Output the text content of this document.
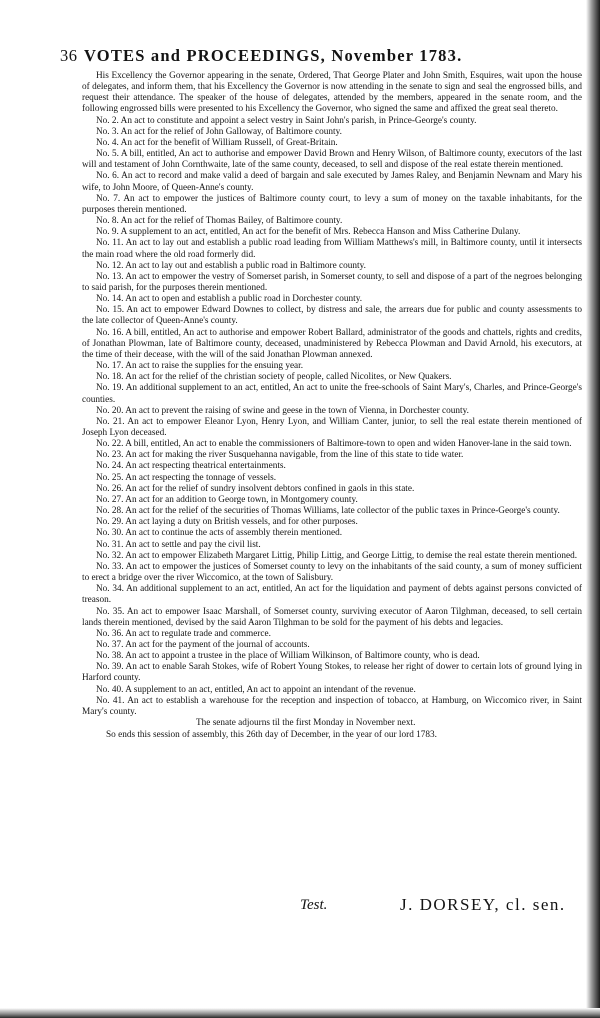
36 VOTES and PROCEEDINGS, November 1783.

His Excellency the Governor appearing in the senate, Ordered, That George Plater and John Smith, Esquires, wait upon the house of delegates, and inform them, that his Excellency the Governor is now attending in the senate to sign and seal the engrossed bills, and request their attendance. The speaker of the house of delegates, attended by the members, appeared in the senate room, and the following engrossed bills were presented to his Excellency the Governor, who signed the same and affixed the great seal thereto.

No. 2. An act to constitute and appoint a select vestry in Saint John's parish, in Prince-George's county.

No. 3. An act for the relief of John Galloway, of Baltimore county.

No. 4. An act for the benefit of William Russell, of Great-Britain.

No. 5. A bill, entitled, An act to authorise and empower David Brown and Henry Wilson, of Baltimore county, executors of the last will and testament of John Cornthwaite, late of the same county, deceased, to sell and dispose of the real estate therein mentioned.

No. 6. An act to record and make valid a deed of bargain and sale executed by James Raley, and Benjamin Newnam and Mary his wife, to John Moore, of Queen-Anne's county.

No. 7. An act to empower the justices of Baltimore county court, to levy a sum of money on the taxable inhabitants, for the purposes therein mentioned.

No. 8. An act for the relief of Thomas Bailey, of Baltimore county.

No. 9. A supplement to an act, entitled, An act for the benefit of Mrs. Rebecca Hanson and Miss Catherine Dulany.

No. 11. An act to lay out and establish a public road leading from William Matthews's mill, in Baltimore county, until it intersects the main road where the old road formerly did.

No. 12. An act to lay out and establish a public road in Baltimore county.

No. 13. An act to empower the vestry of Somerset parish, in Somerset county, to sell and dispose of a part of the negroes belonging to said parish, for the purposes therein mentioned.

No. 14. An act to open and establish a public road in Dorchester county.

No. 15. An act to empower Edward Downes to collect, by distress and sale, the arrears due for public and county assessments to the late collector of Queen-Anne's county.

No. 16. A bill, entitled, An act to authorise and empower Robert Ballard, administrator of the goods and chattels, rights and credits, of Jonathan Plowman, late of Baltimore county, deceased, unadministered by Rebecca Plowman and David Arnold, his executors, at the time of their decease, with the will of the said Jonathan Plowman annexed.

No. 17. An act to raise the supplies for the ensuing year.

No. 18. An act for the relief of the christian society of people, called Nicolites, or New Quakers.

No. 19. An additional supplement to an act, entitled, An act to unite the free-schools of Saint Mary's, Charles, and Prince-George's counties.

No. 20. An act to prevent the raising of swine and geese in the town of Vienna, in Dorchester county.

No. 21. An act to empower Eleanor Lyon, Henry Lyon, and William Canter, junior, to sell the real estate therein mentioned of Joseph Lyon deceased.

No. 22. A bill, entitled, An act to enable the commissioners of Baltimore-town to open and widen Hanover-lane in the said town.

No. 23. An act for making the river Susquehanna navigable, from the line of this state to tide water.

No. 24. An act respecting theatrical entertainments.

No. 25. An act respecting the tonnage of vessels.

No. 26. An act for the relief of sundry insolvent debtors confined in gaols in this state.

No. 27. An act for an addition to George town, in Montgomery county.

No. 28. An act for the relief of the securities of Thomas Williams, late collector of the public taxes in Prince-George's county.

No. 29. An act laying a duty on British vessels, and for other purposes.

No. 30. An act to continue the acts of assembly therein mentioned.

No. 31. An act to settle and pay the civil list.

No. 32. An act to empower Elizabeth Margaret Littig, Philip Littig, and George Littig, to demise the real estate therein mentioned.

No. 33. An act to empower the justices of Somerset county to levy on the inhabitants of the said county, a sum of money sufficient to erect a bridge over the river Wiccomico, at the town of Salisbury.

No. 34. An additional supplement to an act, entitled, An act for the liquidation and payment of debts against persons convicted of treason.

No. 35. An act to empower Isaac Marshall, of Somerset county, surviving executor of Aaron Tilghman, deceased, to sell certain lands therein mentioned, devised by the said Aaron Tilghman to be sold for the payment of his debts and legacies.

No. 36. An act to regulate trade and commerce.

No. 37. An act for the payment of the journal of accounts.

No. 38. An act to appoint a trustee in the place of William Wilkinson, of Baltimore county, who is dead.

No. 39. An act to enable Sarah Stokes, wife of Robert Young Stokes, to release her right of dower to certain lots of ground lying in Harford county.

No. 40. A supplement to an act, entitled, An act to appoint an intendant of the revenue.

No. 41. An act to establish a warehouse for the reception and inspection of tobacco, at Hamburg, on Wiccomico river, in Saint Mary's county.

The senate adjourns til the first Monday in November next.

So ends this session of assembly, this 26th day of December, in the year of our lord 1783.

Test.	J. DORSEY, cl. sen.
